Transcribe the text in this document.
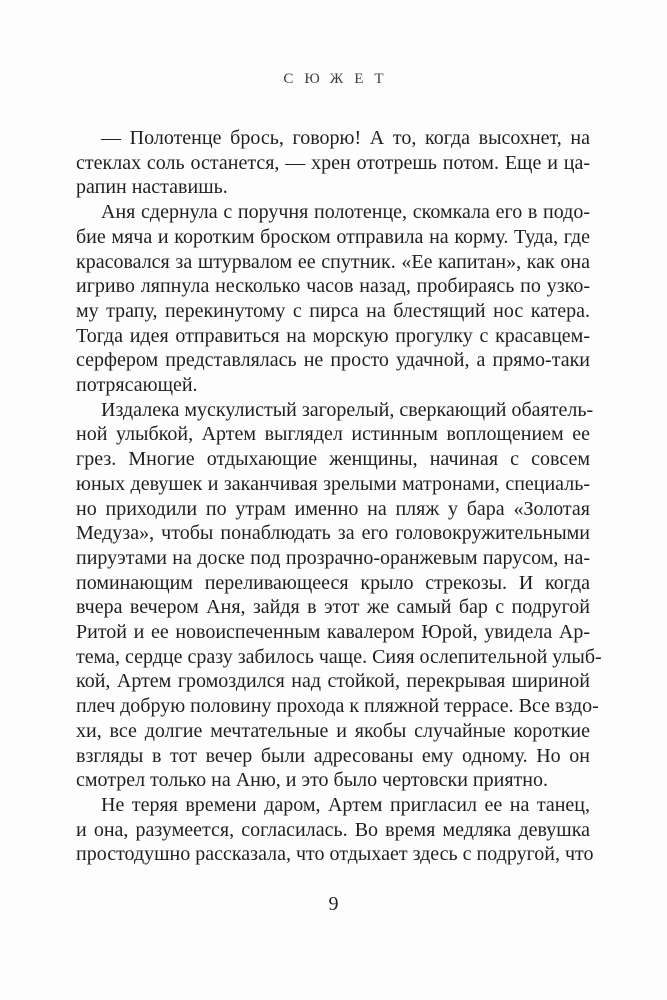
СЮЖЕТ

— Полотенце брось, говорю! А то, когда высохнет, на
стеклах соль останется, — хрен ототрешь потом. Еще и ца-
рапин наставишь.

Аня сдернула с поручня полотенце, скомкала его в подо-
бие мяча и коротким броском отправила на корму. Туда, где
красовался за штурвалом ее спутник. «Ее капитан», как она
игриво ляпнула несколько часов назад, пробираясь по узко-
му трапу, перекинутому с пирса на блестящий нос катера.
Тогда идея отправиться на морскую прогулку с красавцем-
серфером представлялась не просто удачной, а прямо-таки
потрясающей.

Издалека мускулистый загорелый, сверкающий обаятель-
ной улыбкой, Артем выглядел истинным воплощением ее
грез. Многие отдыхающие женщины, начиная с совсем
юных девушек и заканчивая зрелыми матронами, специаль-
но приходили по утрам именно на пляж у бара «Золотая
Медуза», чтобы понаблюдать за его головокружительными
пируэтами на доске под прозрачно-оранжевым парусом, на-
поминающим переливающееся крыло стрекозы. И когда
вчера вечером Аня, зайдя в этот же самый бар с подругой
Ритой и ее новоиспеченным кавалером Юрой, увидела Ар-
тема, сердце сразу забилось чаще. Сияя ослепительной улыб-
кой, Артем громоздился над стойкой, перекрывая шириной
плеч добрую половину прохода к пляжной террасе. Все вздо-
хи, все долгие мечтательные и якобы случайные короткие
взгляды в тот вечер были адресованы ему одному. Но он
смотрел только на Аню, и это было чертовски приятно.

Не теряя времени даром, Артем пригласил ее на танец,
и она, разумеется, согласилась. Во время медляка девушка
простодушно рассказала, что отдыхает здесь с подругой, что

9
